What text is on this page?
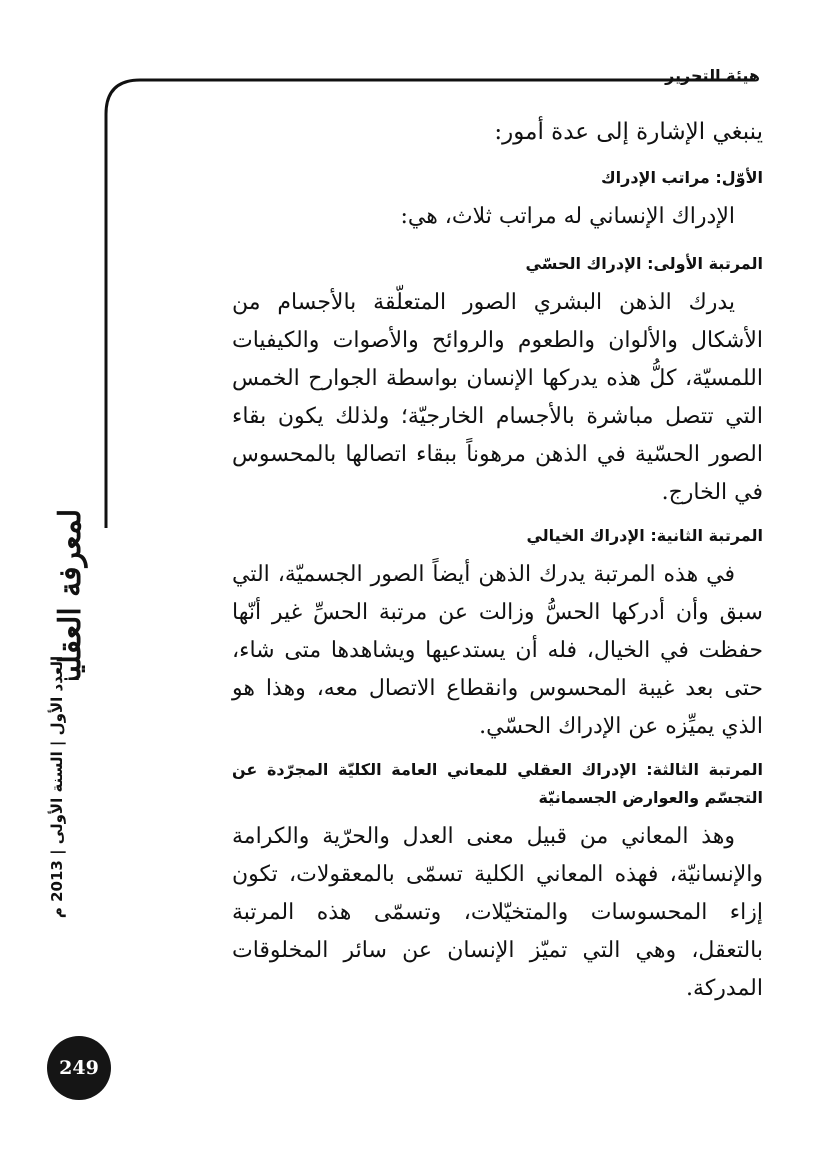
هيئة التحرير

ينبغي الإشارة إلى عدة أمور:

الأوّل: مراتب الإدراك

الإدراك الإنساني له مراتب ثلاث، هي:

المرتبة الأولى: الإدراك الحسّي

يدرك الذهن البشري الصور المتعلّقة بالأجسام من الأشكال والألوان والطعوم والروائح والأصوات والكيفيات اللمسيّة، كلُّ هذه يدركها الإنسان بواسطة الجوارح الخمس التي تتصل مباشرة بالأجسام الخارجيّة؛ ولذلك يكون بقاء الصور الحسّية في الذهن مرهوناً ببقاء اتصالها بالمحسوس في الخارج.

المرتبة الثانية: الإدراك الخيالي

في هذه المرتبة يدرك الذهن أيضاً الصور الجسميّة، التي سبق وأن أدركها الحسُّ وزالت عن مرتبة الحسِّ غير أنّها حفظت في الخيال، فله أن يستدعيها ويشاهدها متى شاء، حتى بعد غيبة المحسوس وانقطاع الاتصال معه، وهذا هو الذي يميِّزه عن الإدراك الحسّي.

المرتبة الثالثة: الإدراك العقلي للمعاني العامة الكليّة المجرّدة عن التجسّم والعوارض الجسمانيّة

وهذ المعاني من قبيل معنى العدل والحرّية والكرامة والإنسانيّة، فهذه المعاني الكلية تسمّى بالمعقولات، تكون إزاء المحسوسات والمتخيّلات، وتسمّى هذه المرتبة بالتعقل، وهي التي تميّز الإنسان عن سائر المخلوقات المدركة.

المعرفة العقلية
العدد الأول | السنة الأولى | 2013 م
249
